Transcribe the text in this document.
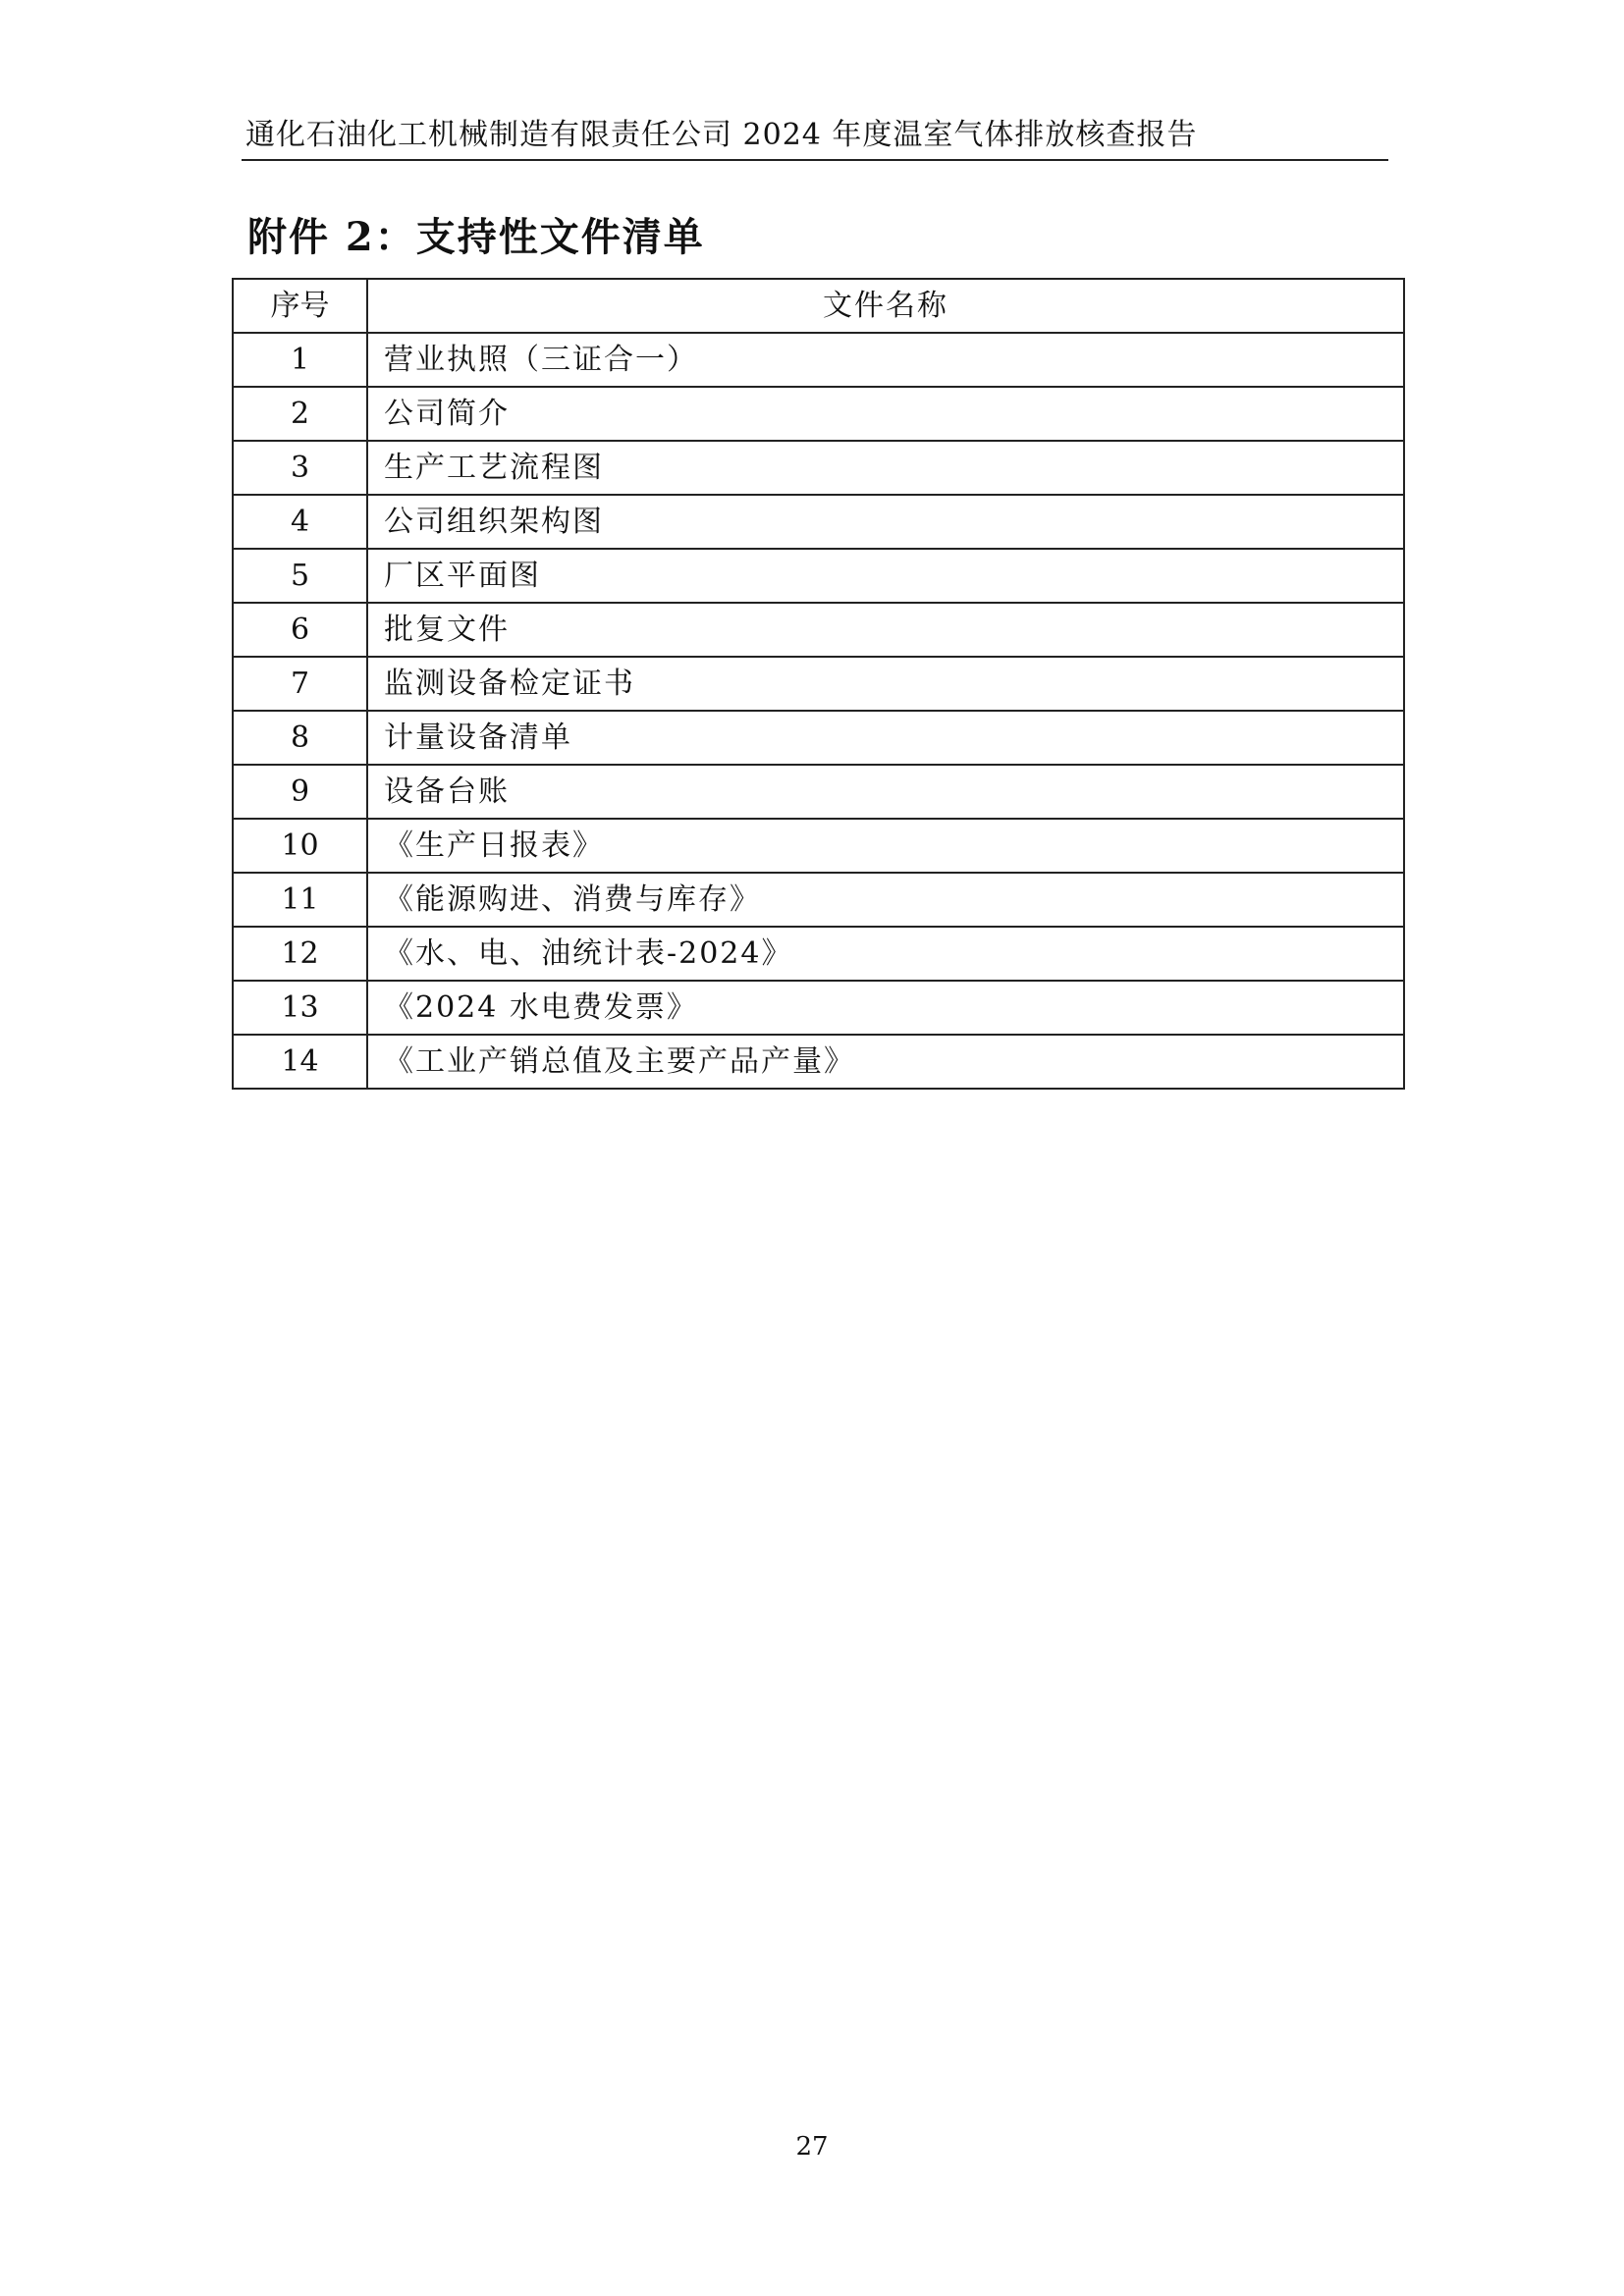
通化石油化工机械制造有限责任公司 2024 年度温室气体排放核查报告
附件 2：支持性文件清单
序号	文件名称
1	营业执照（三证合一）
2	公司简介
3	生产工艺流程图
4	公司组织架构图
5	厂区平面图
6	批复文件
7	监测设备检定证书
8	计量设备清单
9	设备台账
10	《生产日报表》
11	《能源购进、消费与库存》
12	《水、电、油统计表-2024》
13	《2024 水电费发票》
14	《工业产销总值及主要产品产量》
27
